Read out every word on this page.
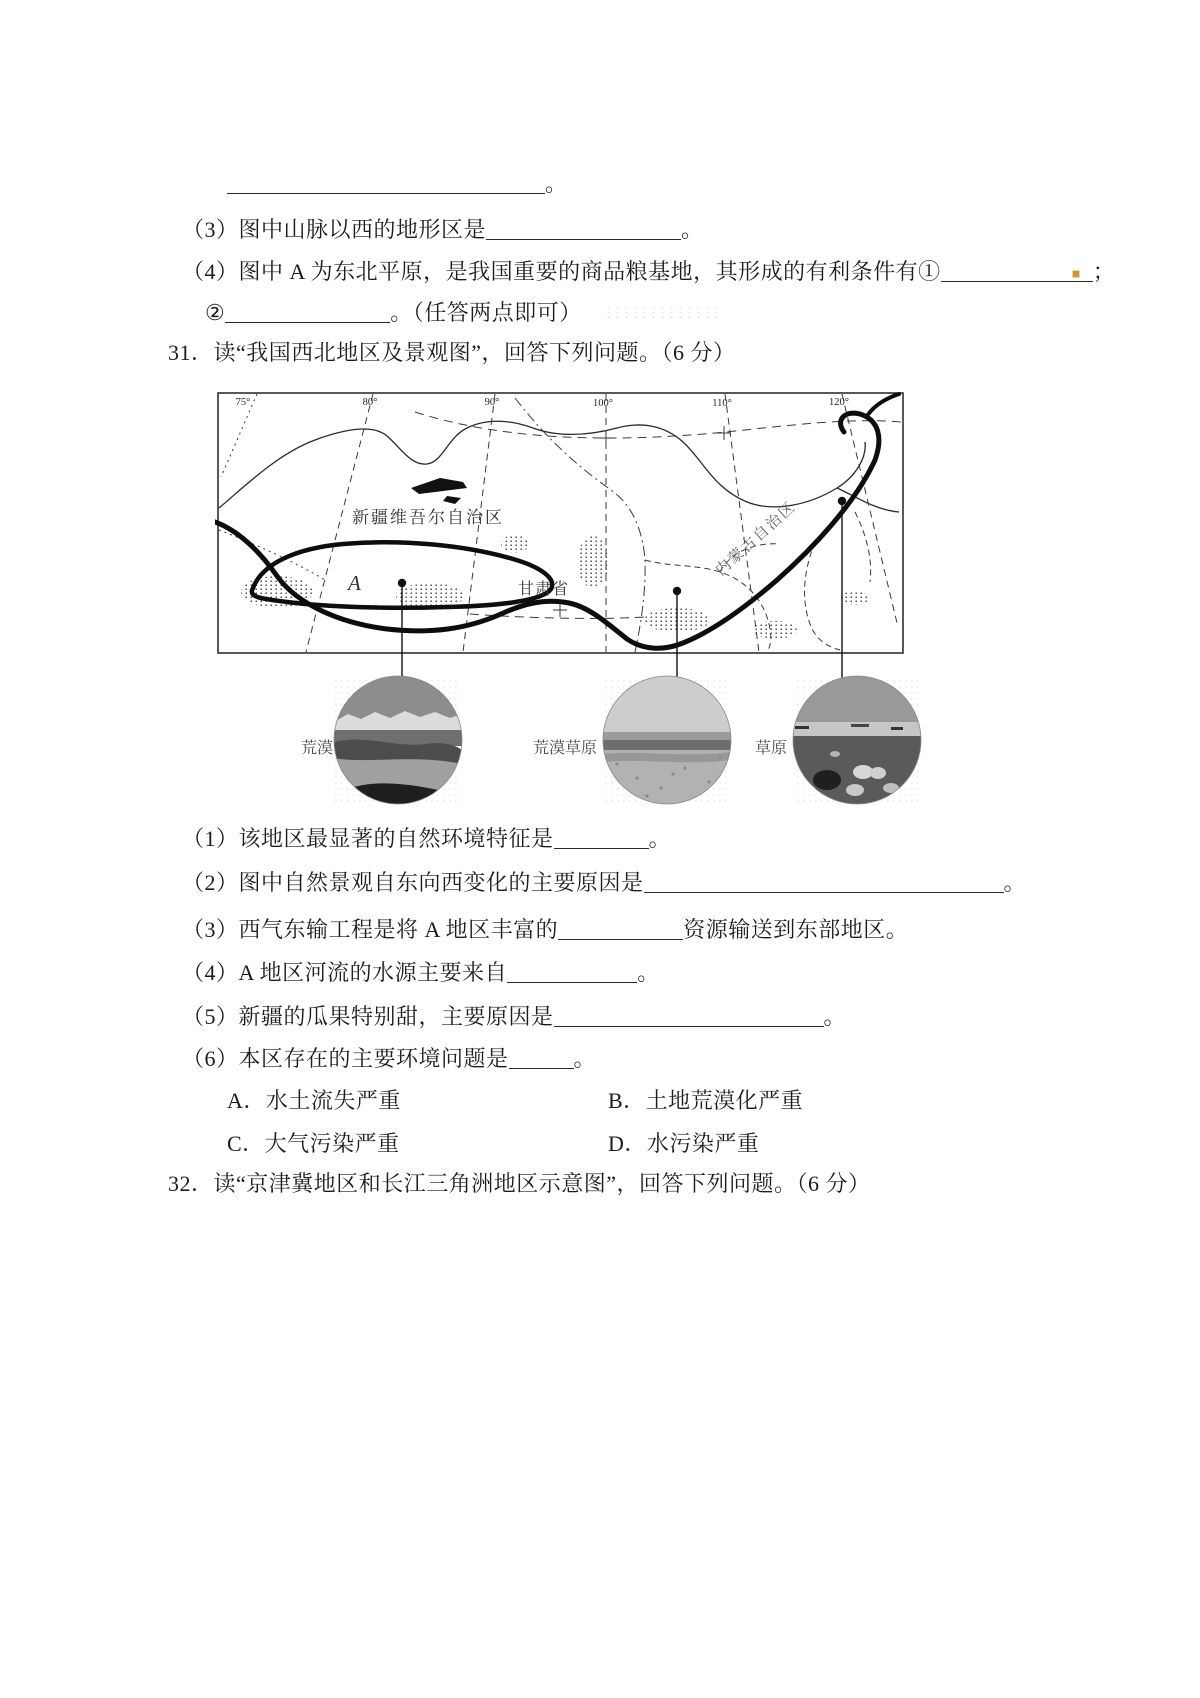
。
（3）图中山脉以西的地形区是	。
（4）图中 A 为东北平原，是我国重要的商品粮基地，其形成的有利条件有①	；
②	。（任答两点即可）
31．读“我国西北地区及景观图”，回答下列问题。（6 分）
75°	80°	90°	100°	110°	120°
新疆维吾尔自治区
甘肃省
内蒙古自治区
A
荒漠	荒漠草原	草原
（1）该地区最显著的自然环境特征是	。
（2）图中自然景观自东向西变化的主要原因是	。
（3）西气东输工程是将 A 地区丰富的	资源输送到东部地区。
（4）A 地区河流的水源主要来自	。
（5）新疆的瓜果特别甜，主要原因是	。
（6）本区存在的主要环境问题是	。
A．水土流失严重	B．土地荒漠化严重
C．大气污染严重	D．水污染严重
32．读“京津冀地区和长江三角洲地区示意图”，回答下列问题。（6 分）
